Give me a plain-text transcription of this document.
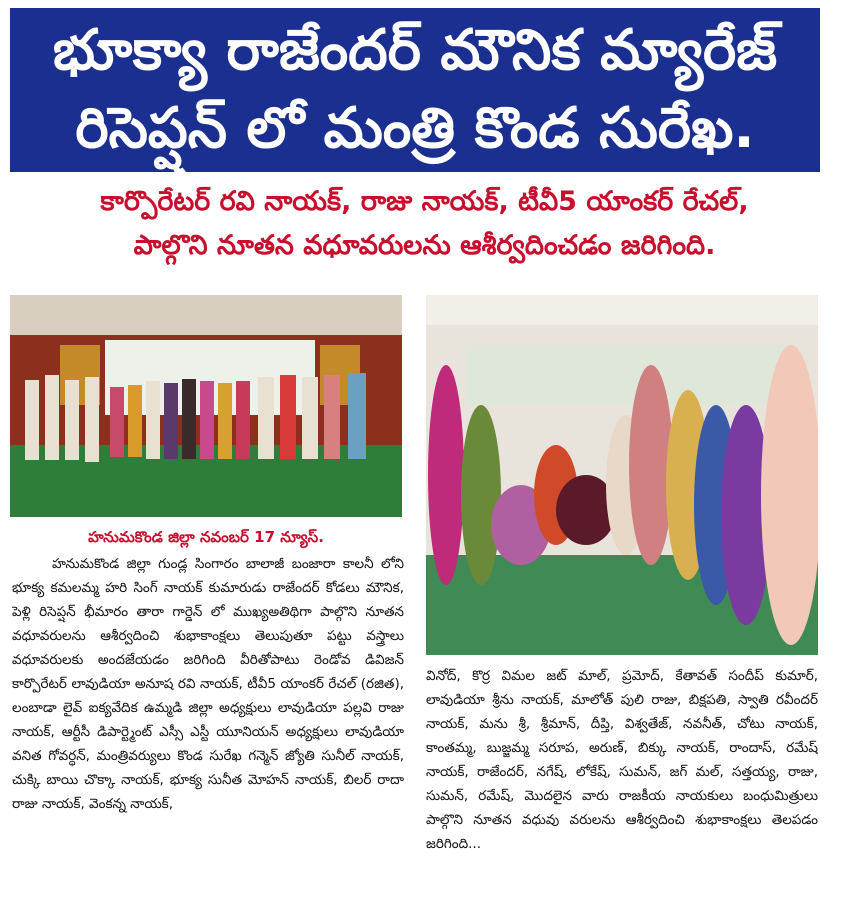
భూక్యా రాజేందర్ మౌనిక మ్యారేజ్
రిసెప్షన్ లో మంత్రి కొండ సురేఖ.
కార్పొరేటర్ రవి నాయక్, రాజు నాయక్, టీవీ5 యాంకర్ రేచల్,
పాల్గొని నూతన వధూవరులను ఆశీర్వదించడం జరిగింది.
హనుమకొండ జిల్లా నవంబర్ 17 న్యూస్.
హనుమకొండ జిల్లా గుండ్ల సింగారం బాలాజీ బంజారా కాలనీ లోని భూక్య కమలమ్మ హరి సింగ్ నాయక్ కుమారుడు రాజేందర్ కోడలు మౌనిక, పెళ్లి రిసెప్షన్ భీమారం తారా గార్డెన్ లో ముఖ్యఅతిథిగా పాల్గొని నూతన వధూవరులను ఆశీర్వదించి శుభాకాంక్షలు తెలుపుతూ పట్టు వస్త్రాలు వధూవరులకు అందజేయడం జరిగింది వీరితోపాటు రెండోవ డివిజన్ కార్పొరేటర్ లావుడియా అనూష రవి నాయక్, టీవీ5 యాంకర్ రేచల్ (రజిత), లంబాడా లైవ్ ఐక్యవేదిక ఉమ్మడి జిల్లా అధ్యక్షులు లావుడియా పల్లవి రాజు నాయక్, ఆర్టీసీ డిపార్ట్మెంట్ ఎస్సీ ఎస్టీ యూనియన్ అధ్యక్షులు లావుడియా వనిత గోవర్ధన్, మంత్రివర్యులు కొండ సురేఖ గన్మెన్ జ్యోతి సునీల్ నాయక్, చుక్కి బాయి చొక్కా నాయక్, భూక్య సునీత మోహన్ నాయక్, బిలర్ రాదా రాజు నాయక్, వెంకన్న నాయక్,
వినోద్, కొర్ర విమల జట్ మాల్, ప్రమోద్, కేతావత్ సందీప్ కుమార్, లావుడియా శ్రీను నాయక్, మాలోత్ పులి రాజు, బిక్షపతి, స్వాతి రవీందర్ నాయక్, మను శ్రీ, శ్రీమాన్, దీప్తి, విశ్వతేజ్, నవనీత్, చోటు నాయక్, కాంతమ్మ, బుజ్జమ్మ సరూప, అరుణ్, బిక్కు నాయక్, రాందాస్, రమేష్ నాయక్, రాజేందర్, నగేష్, లోకేష్, సుమన్, జగ్ మల్, సత్తయ్య, రాజు, సుమన్, రమేష్, మొదలైన వారు రాజకీయ నాయకులు బంధుమిత్రులు పాల్గొని నూతన వధువు వరులను ఆశీర్వదించి శుభాకాంక్షలు తెలపడం జరిగింది...
